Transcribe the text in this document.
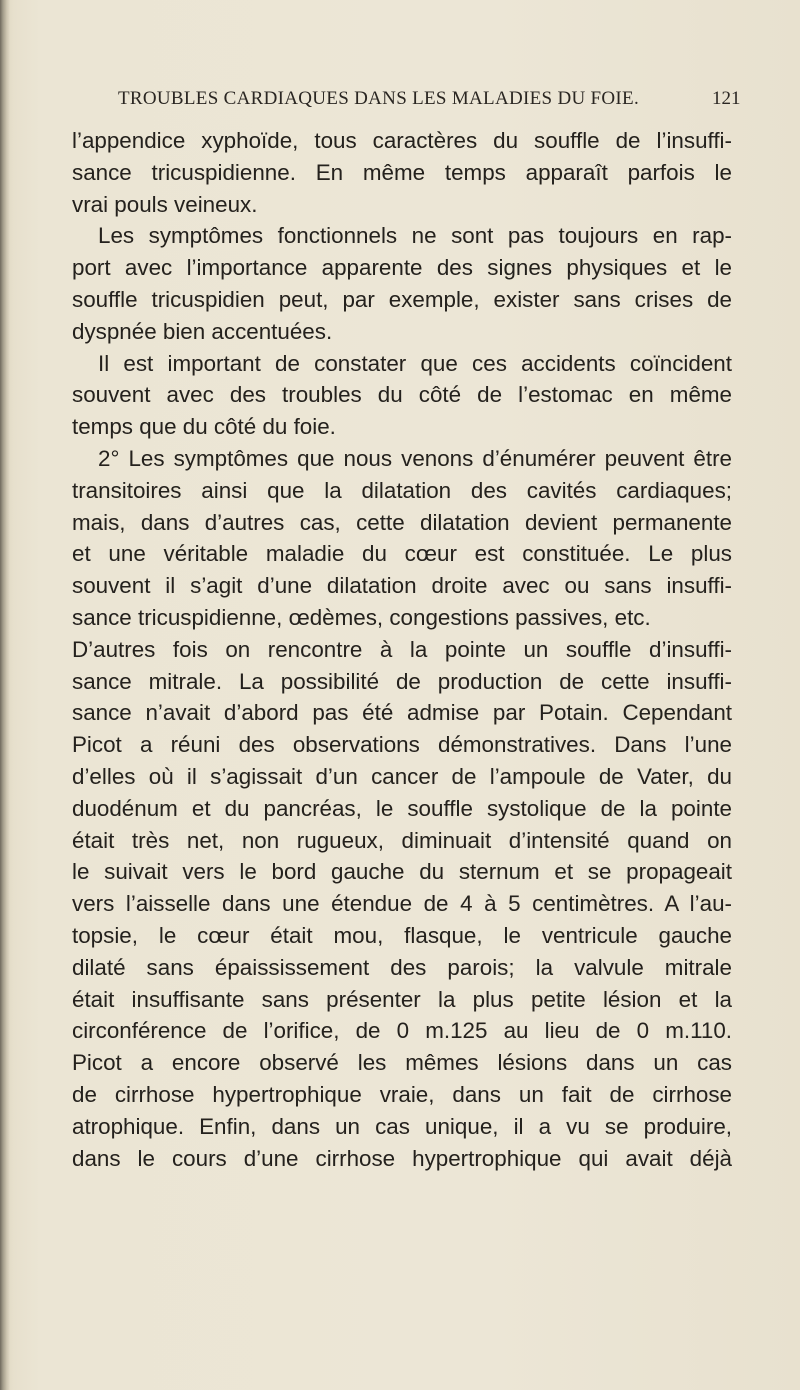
TROUBLES CARDIAQUES DANS LES MALADIES DU FOIE.	121
l’appendice xyphoïde, tous caractères du souffle de l’insuffi-
sance tricuspidienne. En même temps apparaît parfois le
vrai pouls veineux.
Les symptômes fonctionnels ne sont pas toujours en rap-
port avec l’importance apparente des signes physiques et le
souffle tricuspidien peut, par exemple, exister sans crises de
dyspnée bien accentuées.
Il est important de constater que ces accidents coïncident
souvent avec des troubles du côté de l’estomac en même
temps que du côté du foie.
2° Les symptômes que nous venons d’énumérer peuvent être
transitoires ainsi que la dilatation des cavités cardiaques;
mais, dans d’autres cas, cette dilatation devient permanente
et une véritable maladie du cœur est constituée. Le plus
souvent il s’agit d’une dilatation droite avec ou sans insuffi-
sance tricuspidienne, œdèmes, congestions passives, etc.
D’autres fois on rencontre à la pointe un souffle d’insuffi-
sance mitrale. La possibilité de production de cette insuffi-
sance n’avait d’abord pas été admise par Potain. Cependant
Picot a réuni des observations démonstratives. Dans l’une
d’elles où il s’agissait d’un cancer de l’ampoule de Vater, du
duodénum et du pancréas, le souffle systolique de la pointe
était très net, non rugueux, diminuait d’intensité quand on
le suivait vers le bord gauche du sternum et se propageait
vers l’aisselle dans une étendue de 4 à 5 centimètres. A l’au-
topsie, le cœur était mou, flasque, le ventricule gauche
dilaté sans épaississement des parois; la valvule mitrale
était insuffisante sans présenter la plus petite lésion et la
circonférence de l’orifice, de 0 m.125 au lieu de 0 m.110.
Picot a encore observé les mêmes lésions dans un cas
de cirrhose hypertrophique vraie, dans un fait de cirrhose
atrophique. Enfin, dans un cas unique, il a vu se produire,
dans le cours d’une cirrhose hypertrophique qui avait déjà
